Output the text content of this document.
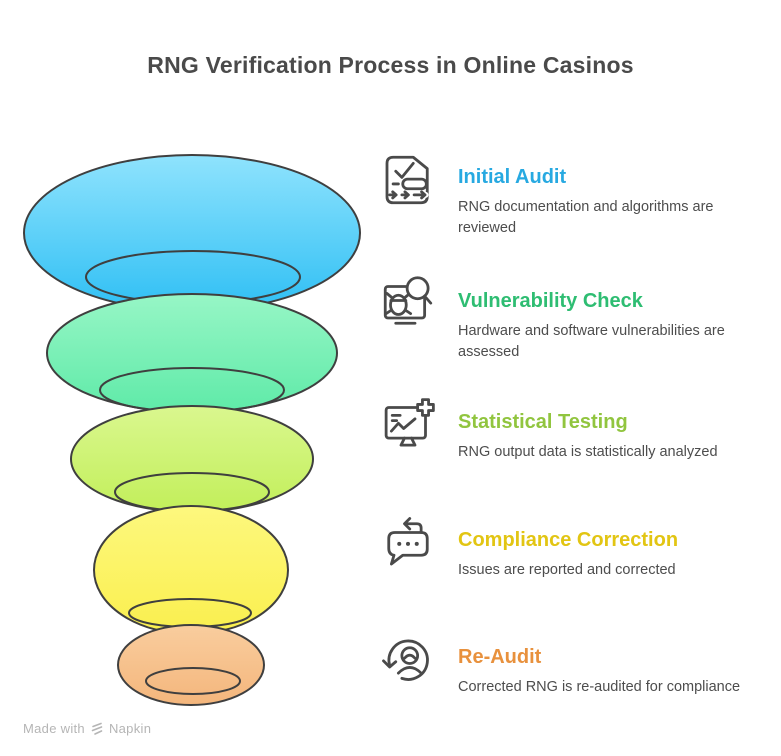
RNG Verification Process in Online Casinos
Initial Audit
RNG documentation and algorithms are reviewed
Vulnerability Check
Hardware and software vulnerabilities are assessed
Statistical Testing
RNG output data is statistically analyzed
Compliance Correction
Issues are reported and corrected
Re-Audit
Corrected RNG is re-audited for compliance
Made with Napkin
